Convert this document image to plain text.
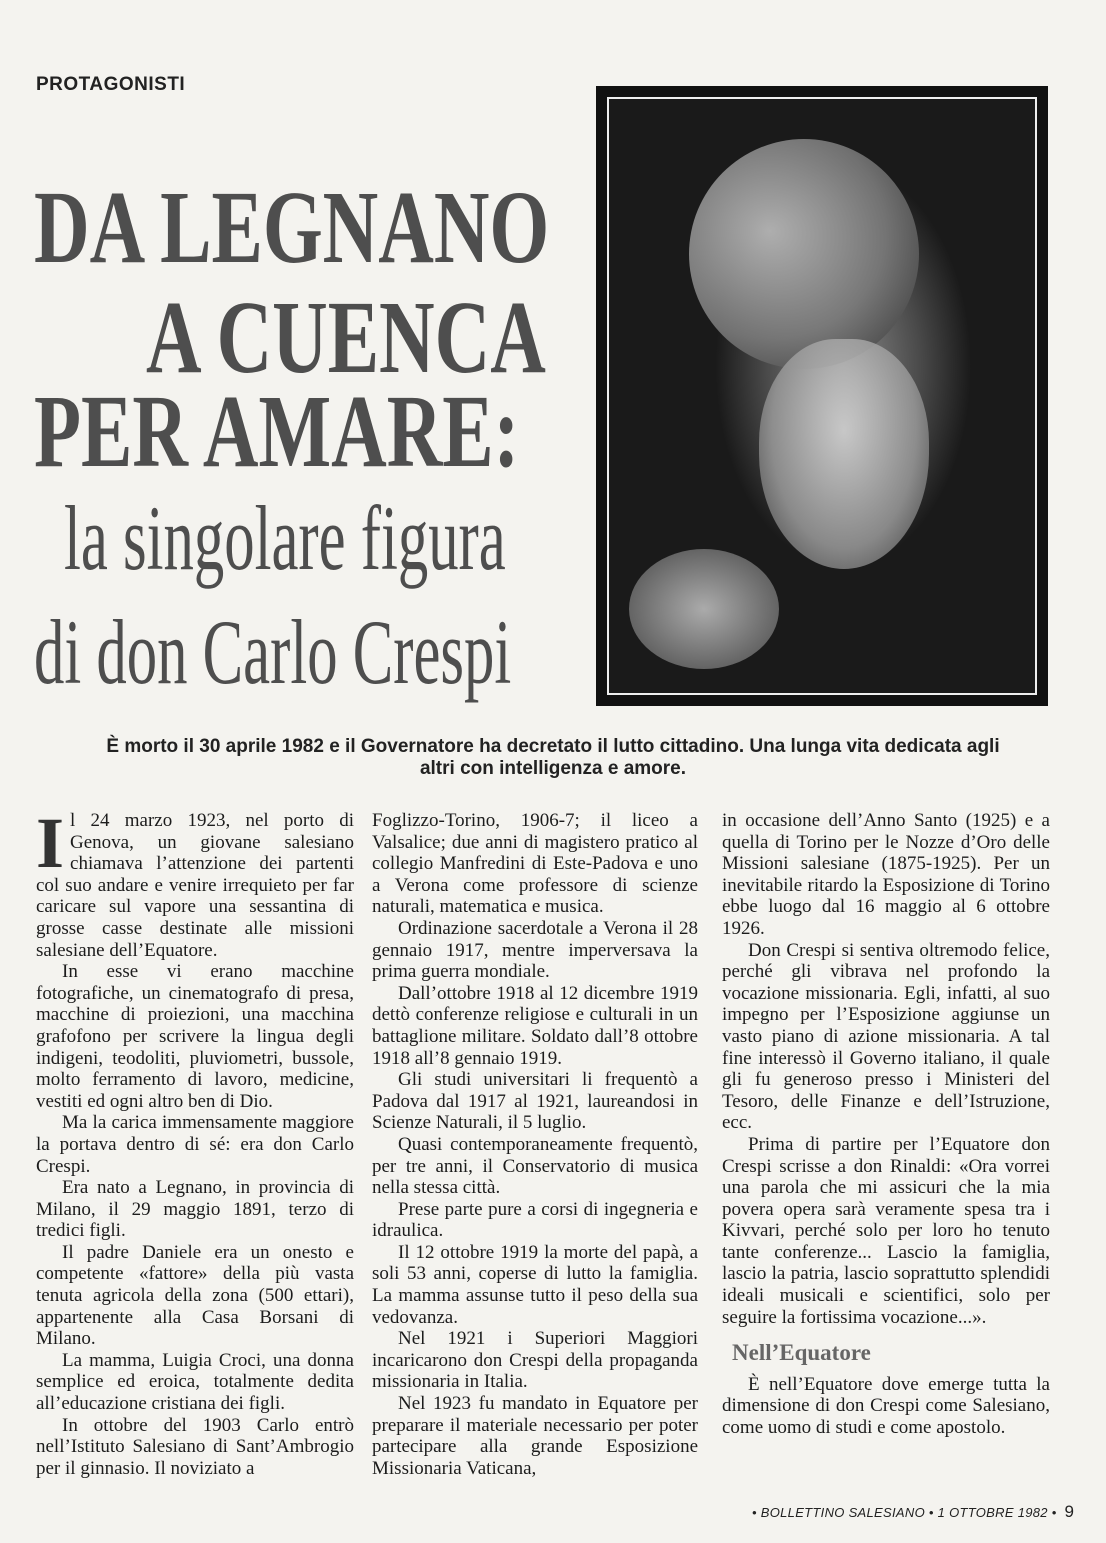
PROTAGONISTI
DA LEGNANO
A CUENCA
PER AMARE:
la singolare figura
di don Carlo Crespi
È morto il 30 aprile 1982 e il Governatore ha decretato il lutto cittadino. Una lunga vita dedicata agli altri con intelligenza e amore.

Il 24 marzo 1923, nel porto di Genova, un giovane salesiano chiamava l’attenzione dei partenti col suo andare e venire irrequieto per far caricare sul vapore una sessantina di grosse casse destinate alle missioni salesiane dell’Equatore.

In esse vi erano macchine fotografiche, un cinematografo di presa, macchine di proiezioni, una macchina grafofono per scrivere la lingua degli indigeni, teodoliti, pluviometri, bussole, molto ferramento di lavoro, medicine, vestiti ed ogni altro ben di Dio.

Ma la carica immensamente maggiore la portava dentro di sé: era don Carlo Crespi.

Era nato a Legnano, in provincia di Milano, il 29 maggio 1891, terzo di tredici figli.

Il padre Daniele era un onesto e competente «fattore» della più vasta tenuta agricola della zona (500 ettari), appartenente alla Casa Borsani di Milano.

La mamma, Luigia Croci, una donna semplice ed eroica, totalmente dedita all’educazione cristiana dei figli.

In ottobre del 1903 Carlo entrò nell’Istituto Salesiano di Sant’Ambrogio per il ginnasio. Il noviziato a

Foglizzo-Torino, 1906-7; il liceo a Valsalice; due anni di magistero pratico al collegio Manfredini di Este-Padova e uno a Verona come professore di scienze naturali, matematica e musica.

Ordinazione sacerdotale a Verona il 28 gennaio 1917, mentre imperversava la prima guerra mondiale.

Dall’ottobre 1918 al 12 dicembre 1919 dettò conferenze religiose e culturali in un battaglione militare. Soldato dall’8 ottobre 1918 all’8 gennaio 1919.

Gli studi universitari li frequentò a Padova dal 1917 al 1921, laureandosi in Scienze Naturali, il 5 luglio.

Quasi contemporaneamente frequentò, per tre anni, il Conservatorio di musica nella stessa città.

Prese parte pure a corsi di ingegneria e idraulica.

Il 12 ottobre 1919 la morte del papà, a soli 53 anni, coperse di lutto la famiglia. La mamma assunse tutto il peso della sua vedovanza.

Nel 1921 i Superiori Maggiori incaricarono don Crespi della propaganda missionaria in Italia.

Nel 1923 fu mandato in Equatore per preparare il materiale necessario per poter partecipare alla grande Esposizione Missionaria Vaticana,

in occasione dell’Anno Santo (1925) e a quella di Torino per le Nozze d’Oro delle Missioni salesiane (1875-1925). Per un inevitabile ritardo la Esposizione di Torino ebbe luogo dal 16 maggio al 6 ottobre 1926.

Don Crespi si sentiva oltremodo felice, perché gli vibrava nel profondo la vocazione missionaria. Egli, infatti, al suo impegno per l’Esposizione aggiunse un vasto piano di azione missionaria. A tal fine interessò il Governo italiano, il quale gli fu generoso presso i Ministeri del Tesoro, delle Finanze e dell’Istruzione, ecc.

Prima di partire per l’Equatore don Crespi scrisse a don Rinaldi: «Ora vorrei una parola che mi assicuri che la mia povera opera sarà veramente spesa tra i Kivvari, perché solo per loro ho tenuto tante conferenze... Lascio la famiglia, lascio la patria, lascio soprattutto splendidi ideali musicali e scientifici, solo per seguire la fortissima vocazione...».

Nell’Equatore

È nell’Equatore dove emerge tutta la dimensione di don Crespi come Salesiano, come uomo di studi e come apostolo.

• BOLLETTINO SALESIANO • 1 OTTOBRE 1982 • 9
